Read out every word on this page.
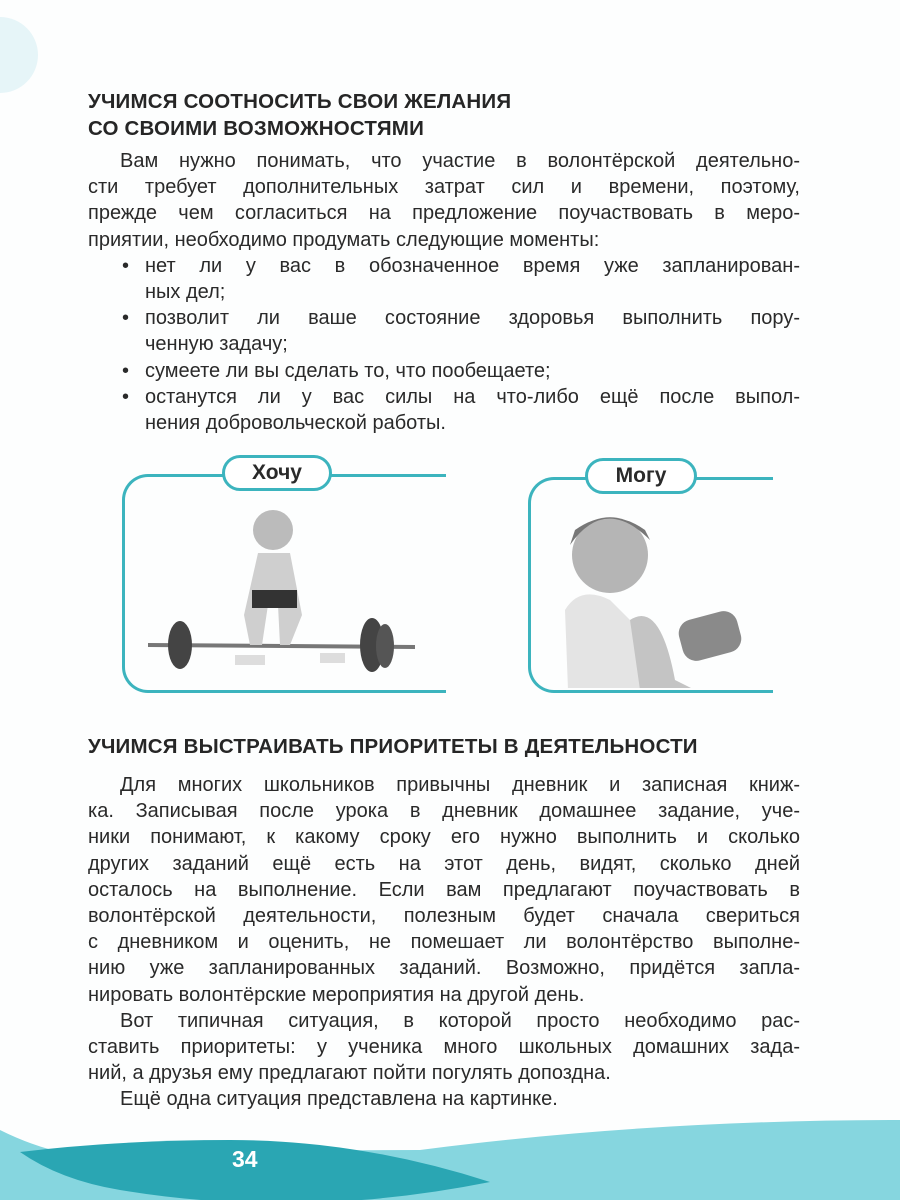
УЧИМСЯ СООТНОСИТЬ СВОИ ЖЕЛАНИЯ
СО СВОИМИ ВОЗМОЖНОСТЯМИ
Вам нужно понимать, что участие в волонтёрской деятельно-
сти требует дополнительных затрат сил и времени, поэтому,
прежде чем согласиться на предложение поучаствовать в меро-
приятии, необходимо продумать следующие моменты:
• нет ли у вас в обозначенное время уже запланирован-
ных дел;
• позволит ли ваше состояние здоровья выполнить пору-
ченную задачу;
• сумеете ли вы сделать то, что пообещаете;
• останутся ли у вас силы на что-либо ещё после выпол-
нения добровольческой работы.
Хочу	Могу
УЧИМСЯ ВЫСТРАИВАТЬ ПРИОРИТЕТЫ В ДЕЯТЕЛЬНОСТИ
Для многих школьников привычны дневник и записная книж-
ка. Записывая после урока в дневник домашнее задание, уче-
ники понимают, к какому сроку его нужно выполнить и сколько
других заданий ещё есть на этот день, видят, сколько дней
осталось на выполнение. Если вам предлагают поучаствовать в
волонтёрской деятельности, полезным будет сначала свериться
с дневником и оценить, не помешает ли волонтёрство выполне-
нию уже запланированных заданий. Возможно, придётся запла-
нировать волонтёрские мероприятия на другой день.
Вот типичная ситуация, в которой просто необходимо рас-
ставить приоритеты: у ученика много школьных домашних зада-
ний, а друзья ему предлагают пойти погулять допоздна.
Ещё одна ситуация представлена на картинке.
34
